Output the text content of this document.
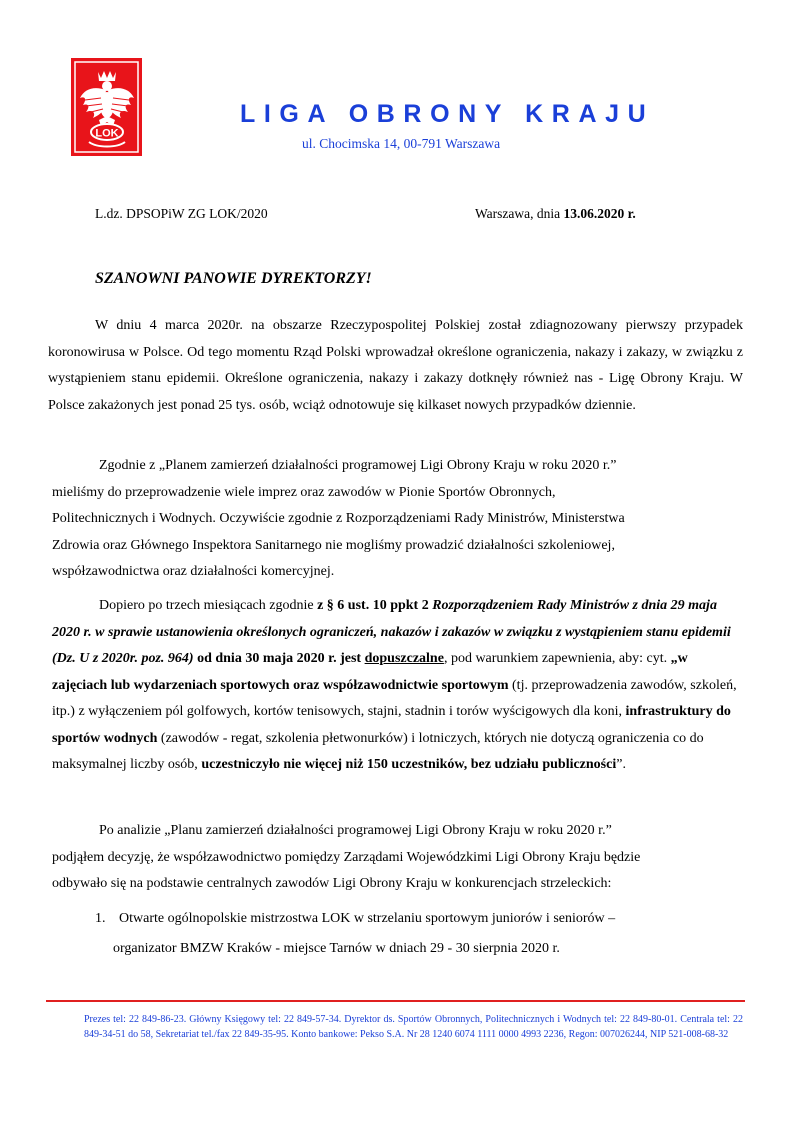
LOK
LIGA OBRONY KRAJU
ul. Chocimska 14, 00-791 Warszawa
L.dz. DPSOPiW ZG LOK/2020	Warszawa, dnia 13.06.2020 r.
SZANOWNI PANOWIE DYREKTORZY!
W dniu 4 marca 2020r. na obszarze Rzeczypospolitej Polskiej został zdiagnozowany pierwszy przypadek koronowirusa w Polsce. Od tego momentu Rząd Polski wprowadzał określone ograniczenia, nakazy i zakazy, w związku z wystąpieniem stanu epidemii. Określone ograniczenia, nakazy i zakazy dotknęły również nas - Ligę Obrony Kraju. W Polsce zakażonych jest ponad 25 tys. osób, wciąż odnotowuje się kilkaset nowych przypadków dziennie.
Zgodnie z „Planem zamierzeń działalności programowej Ligi Obrony Kraju w roku 2020 r.”
mieliśmy do przeprowadzenie wiele imprez oraz zawodów w Pionie Sportów Obronnych,
Politechnicznych i Wodnych. Oczywiście zgodnie z Rozporządzeniami Rady Ministrów, Ministerstwa
Zdrowia oraz Głównego Inspektora Sanitarnego nie mogliśmy prowadzić działalności szkoleniowej,
współzawodnictwa oraz działalności komercyjnej.
Dopiero po trzech miesiącach zgodnie z § 6 ust. 10 ppkt 2 Rozporządzeniem Rady Ministrów z dnia 29 maja 2020 r. w sprawie ustanowienia określonych ograniczeń, nakazów i zakazów w związku z wystąpieniem stanu epidemii (Dz. U z 2020r. poz. 964) od dnia 30 maja 2020 r. jest dopuszczalne, pod warunkiem zapewnienia, aby: cyt. „w zajęciach lub wydarzeniach sportowych oraz współzawodnictwie sportowym (tj. przeprowadzenia zawodów, szkoleń, itp.) z wyłączeniem pól golfowych, kortów tenisowych, stajni, stadnin i torów wyścigowych dla koni, infrastruktury do sportów wodnych (zawodów - regat, szkolenia płetwonurków) i lotniczych, których nie dotyczą ograniczenia co do maksymalnej liczby osób, uczestniczyło nie więcej niż 150 uczestników, bez udziału publiczności”.
Po analizie „Planu zamierzeń działalności programowej Ligi Obrony Kraju w roku 2020 r.”
podjąłem decyzję, że współzawodnictwo pomiędzy Zarządami Wojewódzkimi Ligi Obrony Kraju będzie
odbywało się na podstawie centralnych zawodów Ligi Obrony Kraju w konkurencjach strzeleckich:
1. Otwarte ogólnopolskie mistrzostwa LOK w strzelaniu sportowym juniorów i seniorów –
organizator BMZW Kraków - miejsce Tarnów w dniach 29 - 30 sierpnia 2020 r.
Prezes tel: 22 849-86-23. Główny Księgowy tel: 22 849-57-34. Dyrektor ds. Sportów Obronnych, Politechnicznych i Wodnych tel: 22 849-80-01. Centrala tel: 22 849-34-51 do 58, Sekretariat tel./fax 22 849-35-95. Konto bankowe: Pekso S.A. Nr 28 1240 6074 1111 0000 4993 2236, Regon: 007026244, NIP 521-008-68-32
